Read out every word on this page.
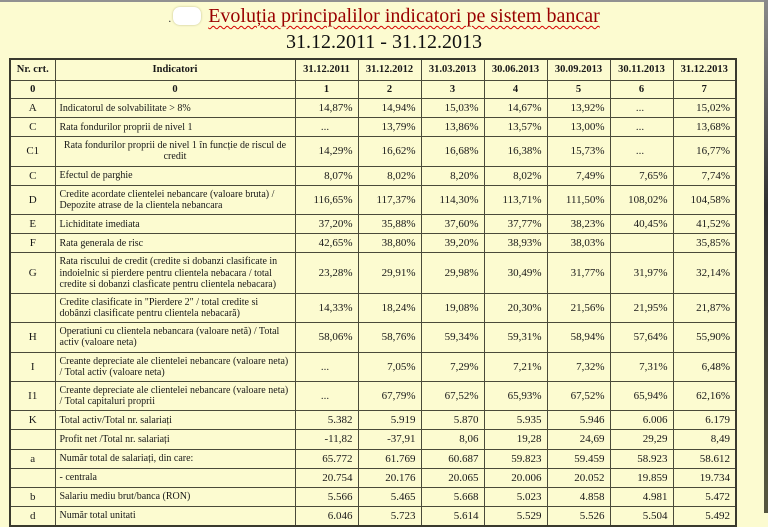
. Evoluția principalilor indicatori pe sistem bancar
31.12.2011 - 31.12.2013
Nr. crt.	Indicatori	31.12.2011	31.12.2012	31.03.2013	30.06.2013	30.09.2013	30.11.2013	31.12.2013
0	0	1	2	3	4	5	6	7
A	Indicatorul de solvabilitate > 8%	14,87%	14,94%	15,03%	14,67%	13,92%	...	15,02%
C	Rata fondurilor proprii de nivel 1	...	13,79%	13,86%	13,57%	13,00%	...	13,68%
C1	Rata fondurilor proprii de nivel 1 în funcție de riscul de credit	14,29%	16,62%	16,68%	16,38%	15,73%	...	16,77%
C	Efectul de parghie	8,07%	8,02%	8,20%	8,02%	7,49%	7,65%	7,74%
D	Credite acordate clientelei nebancare (valoare bruta) / Depozite atrase de la clientela nebancara	116,65%	117,37%	114,30%	113,71%	111,50%	108,02%	104,58%
E	Lichiditate imediata	37,20%	35,88%	37,60%	37,77%	38,23%	40,45%	41,52%
F	Rata generala de risc	42,65%	38,80%	39,20%	38,93%	38,03%		35,85%
G	Rata riscului de credit (credite si dobanzi clasificate in indoielnic si pierdere pentru clientela nebacara / total credite si dobanzi clasficate pentru clientela nebacara)	23,28%	29,91%	29,98%	30,49%	31,77%	31,97%	32,14%
	Credite clasificate in "Pierdere 2" / total credite si dobânzi clasificate pentru clientela nebacară)	14,33%	18,24%	19,08%	20,30%	21,56%	21,95%	21,87%
H	Operatiuni cu clientela nebancara (valoare netă) / Total activ (valoare neta)	58,06%	58,76%	59,34%	59,31%	58,94%	57,64%	55,90%
I	Creante depreciate ale clientelei nebancare (valoare neta) / Total activ (valoare neta)	...	7,05%	7,29%	7,21%	7,32%	7,31%	6,48%
I1	Creante depreciate ale clientelei nebancare (valoare neta) / Total capitaluri proprii	...	67,79%	67,52%	65,93%	67,52%	65,94%	62,16%
K	Total activ/Total nr. salariați	5.382	5.919	5.870	5.935	5.946	6.006	6.179
	Profit net /Total nr. salariați	-11,82	-37,91	8,06	19,28	24,69	29,29	8,49
a	Număr total de salariați, din care:	65.772	61.769	60.687	59.823	59.459	58.923	58.612
	- centrala	20.754	20.176	20.065	20.006	20.052	19.859	19.734
b	Salariu mediu brut/banca (RON)	5.566	5.465	5.668	5.023	4.858	4.981	5.472
d	Număr total unitati	6.046	5.723	5.614	5.529	5.526	5.504	5.492
